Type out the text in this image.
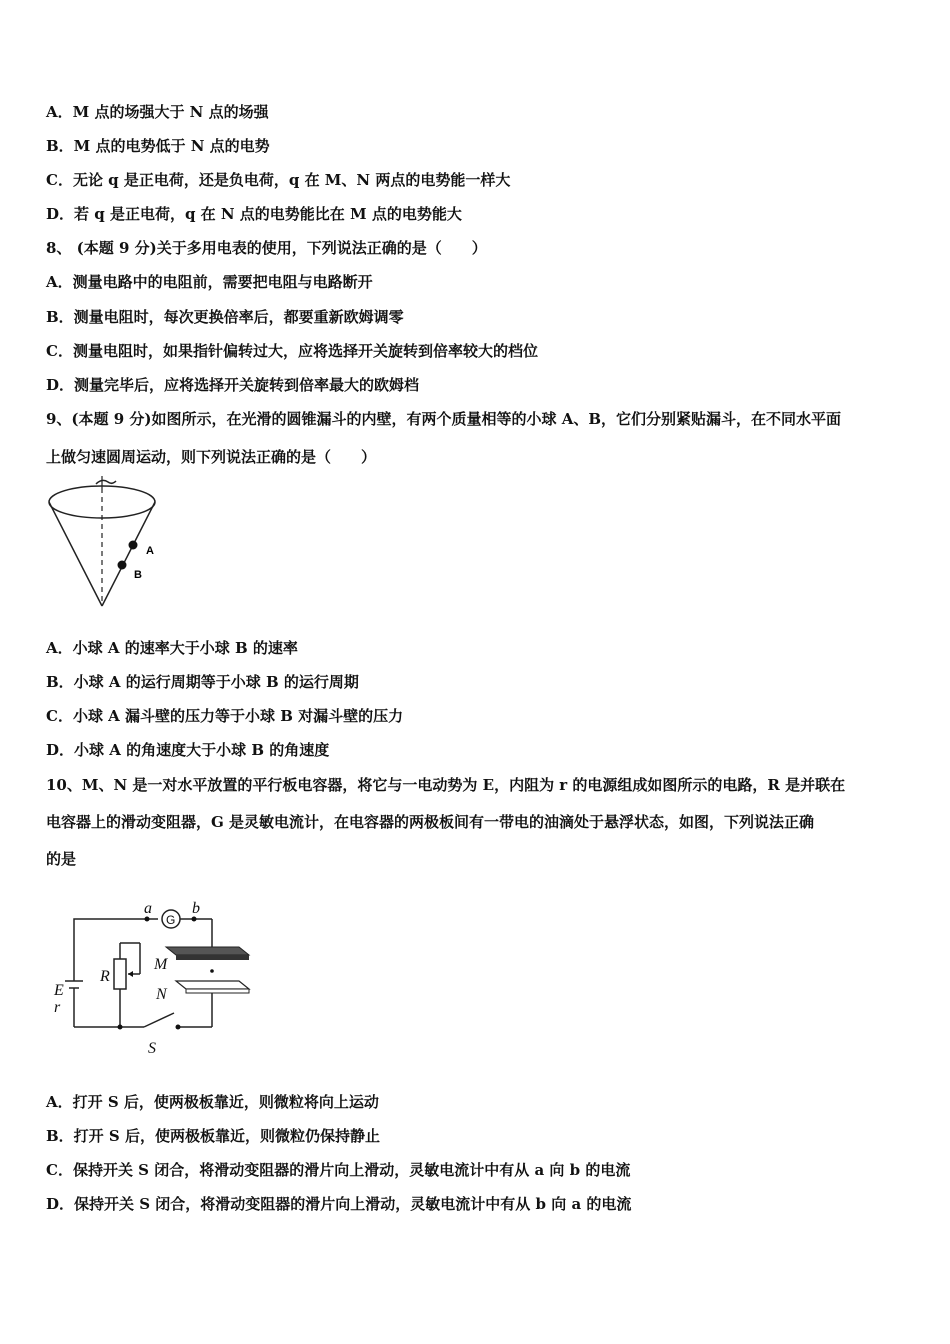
A．M 点的场强大于 N 点的场强
B．M 点的电势低于 N 点的电势
C．无论 q 是正电荷，还是负电荷，q 在 M、N 两点的电势能一样大
D．若 q 是正电荷，q 在 N 点的电势能比在 M 点的电势能大
8、 (本题 9 分)关于多用电表的使用，下列说法正确的是（　　）
A．测量电路中的电阻前，需要把电阻与电路断开
B．测量电阻时，每次更换倍率后，都要重新欧姆调零
C．测量电阻时，如果指针偏转过大，应将选择开关旋转到倍率较大的档位
D．测量完毕后，应将选择开关旋转到倍率最大的欧姆档
9、(本题 9 分)如图所示，在光滑的圆锥漏斗的内壁，有两个质量相等的小球 A、B，它们分别紧贴漏斗，在不同水平面
上做匀速圆周运动，则下列说法正确的是（　　）
A
B
A．小球 A 的速率大于小球 B 的速率
B．小球 A 的运行周期等于小球 B 的运行周期
C．小球 A 漏斗壁的压力等于小球 B 对漏斗壁的压力
D．小球 A 的角速度大于小球 B 的角速度
10、M、N 是一对水平放置的平行板电容器，将它与一电动势为 E，内阻为 r 的电源组成如图所示的电路，R 是并联在
电容器上的滑动变阻器，G 是灵敏电流计，在电容器的两极板间有一带电的油滴处于悬浮状态，如图，下列说法正确
的是
a	b
M
N
R
E
r
S
G
A．打开 S 后，使两极板靠近，则微粒将向上运动
B．打开 S 后，使两极板靠近，则微粒仍保持静止
C．保持开关 S 闭合，将滑动变阻器的滑片向上滑动，灵敏电流计中有从 a 向 b 的电流
D．保持开关 S 闭合，将滑动变阻器的滑片向上滑动，灵敏电流计中有从 b 向 a 的电流
